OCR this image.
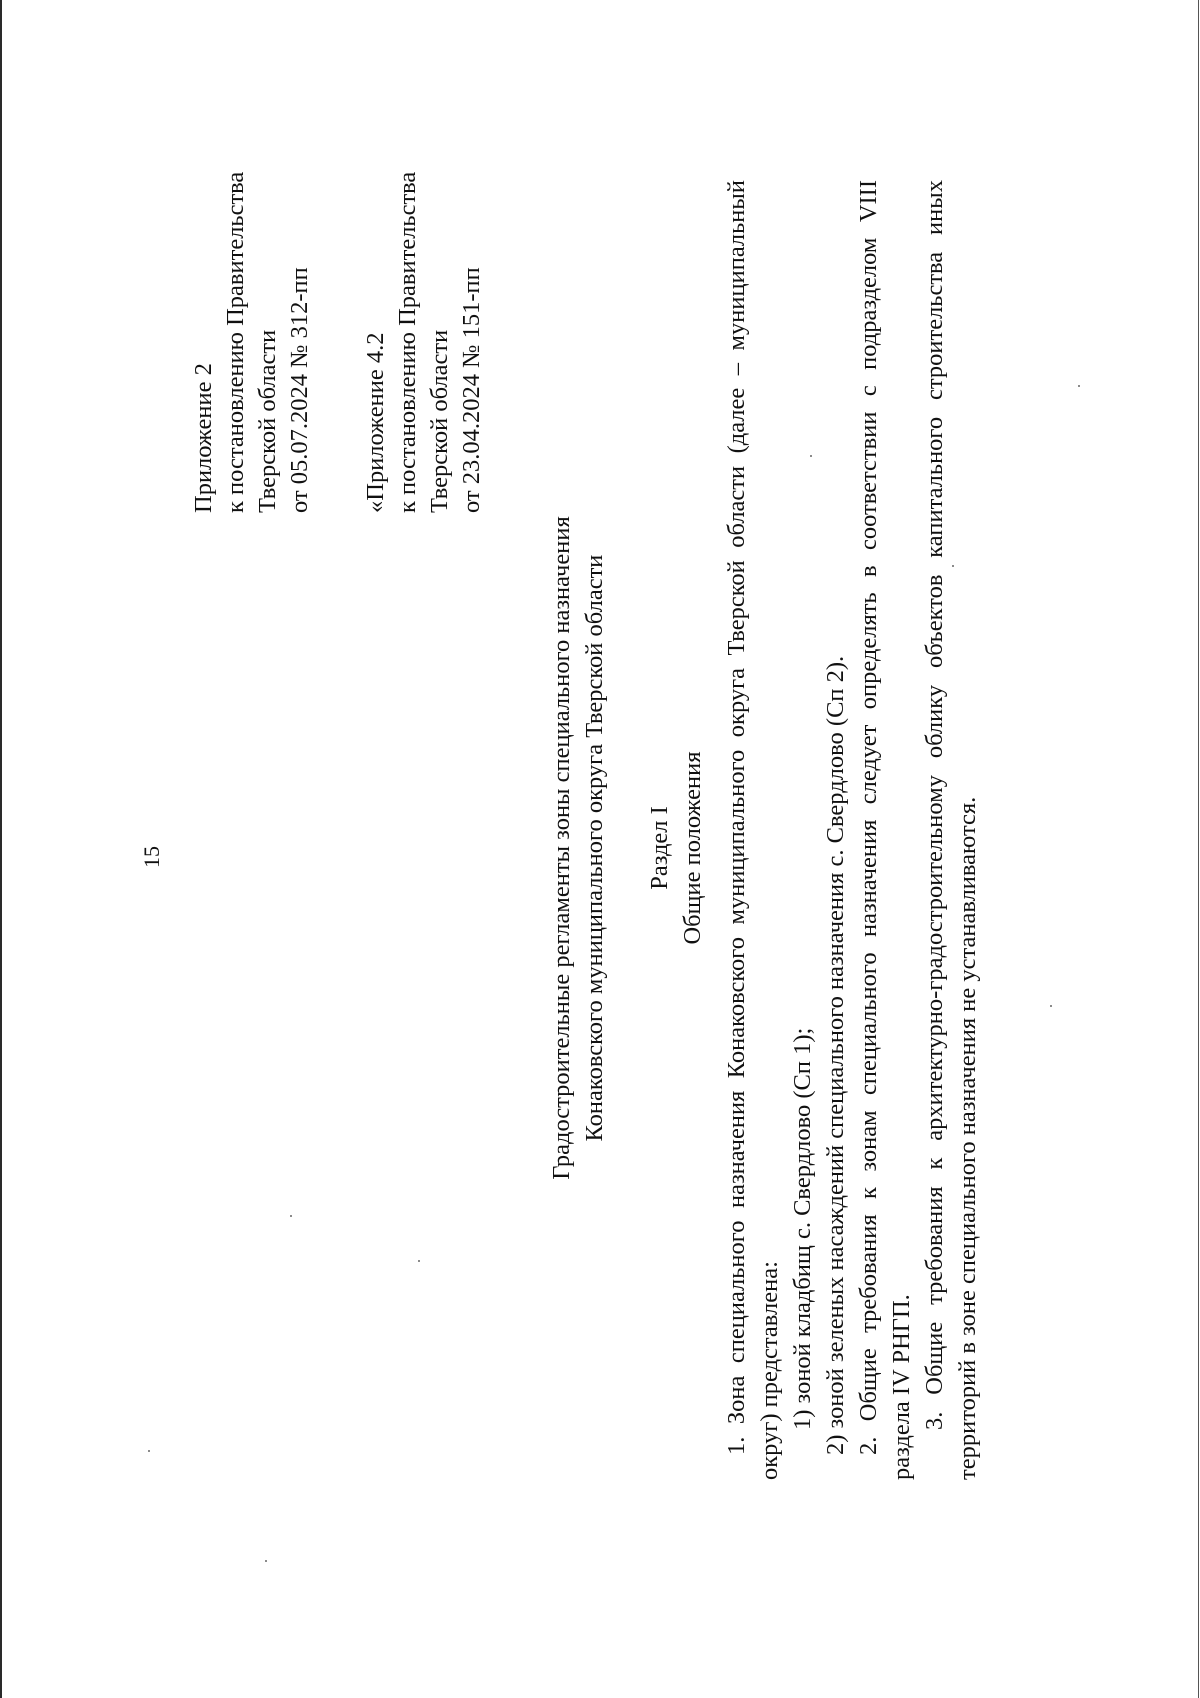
15
Приложение 2 к постановлению Правительства Тверской области от 05.07.2024 № 312-пп «Приложение 4.2 к постановлению Правительства Тверской области от 23.04.2024 № 151-пп
Градостроительные регламенты зоны специального назначения Конаковского муниципального округа Тверской области Раздел I Общие положения 1. Зона специального назначения Конаковского муниципального округа Тверской области (далее – муниципальный округ) представлена: 1) зоной кладбищ с. Свердлово (Сп 1); 2) зоной зеленых насаждений специального назначения с. Свердлово (Сп 2). 2. Общие требования к зонам специального назначения следует определять в соответствии с подразделом VIII раздела IV РНГП. 3. Общие требования к архитектурно-градостроительному облику объектов капитального строительства иных территорий в зоне специального назначения не устанавливаются.
